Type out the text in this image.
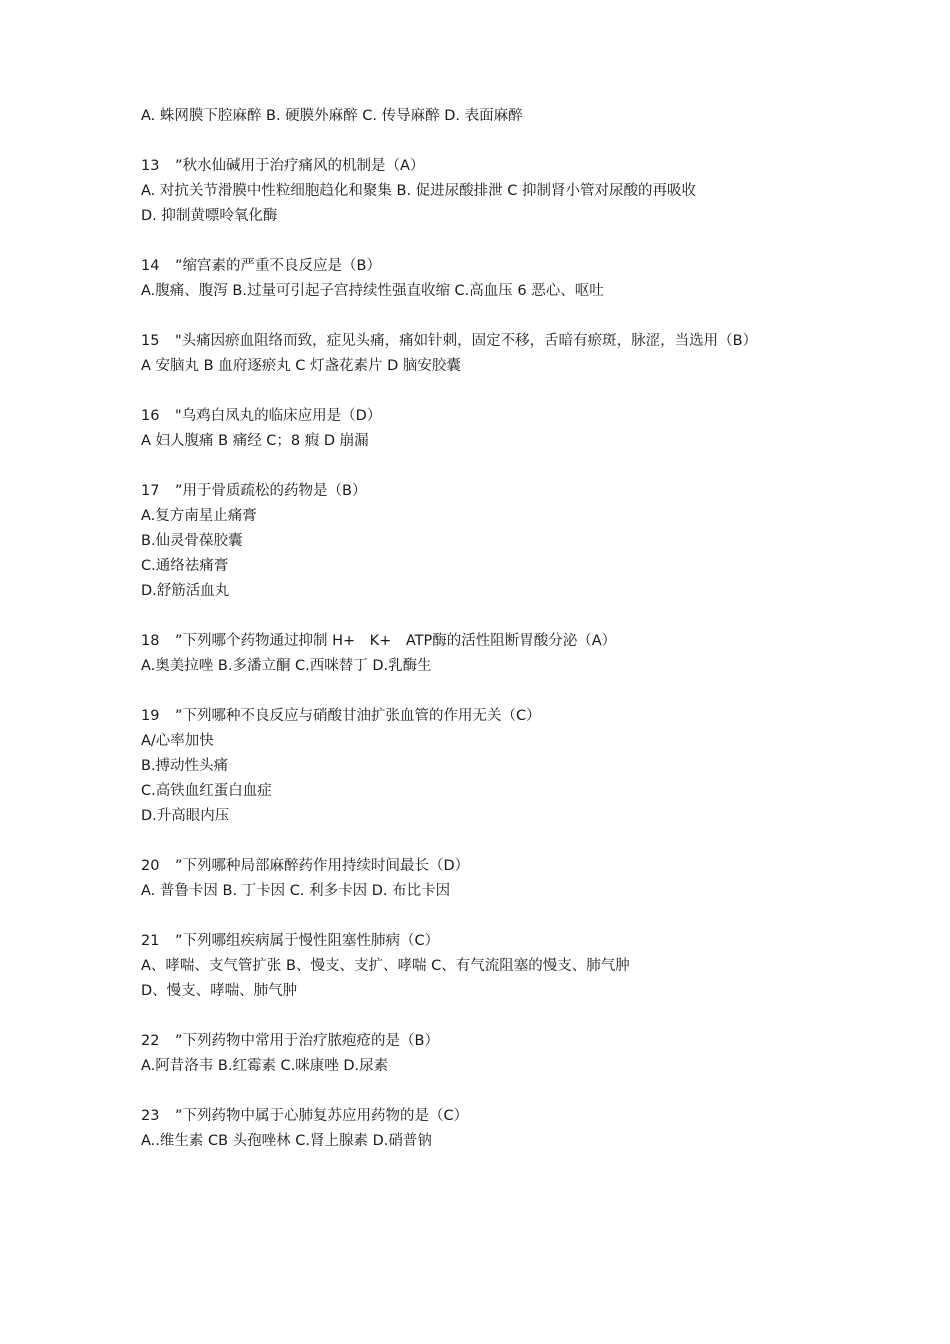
A. 蛛网膜下腔麻醉 B. 硬膜外麻醉 C. 传导麻醉 D. 表面麻醉
13 ”秋水仙碱用于治疗痛风的机制是（A）
A. 对抗关节滑膜中性粒细胞趋化和聚集 B. 促进尿酸排泄 C 抑制肾小管对尿酸的再吸收
D. 抑制黄嘌呤氧化酶
14 ”缩宫素的严重不良反应是（B）
A.腹痛、腹泻 B.过量可引起子宫持续性强直收缩 C.高血压 6 恶心、呕吐
15 "头痛因瘀血阻络而致，症见头痛，痛如针刺，固定不移，舌暗有瘀斑，脉涩，当选用（B）
A 安脑丸 B 血府逐瘀丸 C 灯盏花素片 D 脑安胶囊
16 "乌鸡白凤丸的临床应用是（D）
A 妇人腹痛 B 痛经 C；8 瘕 D 崩漏
17 ”用于骨质疏松的药物是（B）
A.复方南星止痛膏
B.仙灵骨葆胶囊
C.通络祛痛膏
D.舒筋活血丸
18 ”下列哪个药物通过抑制 H+　K+　ATP酶的活性阻断胃酸分泌（A）
A.奥美拉唑 B.多潘立酮 C.西咪替丁 D.乳酶生
19 ”下列哪种不良反应与硝酸甘油扩张血管的作用无关（C）
A/心率加快
B.搏动性头痛
C.高铁血红蛋白血症
D.升高眼内压
20 ”下列哪种局部麻醉药作用持续时间最长（D）
A. 普鲁卡因 B. 丁卡因 C. 利多卡因 D. 布比卡因
21 ”下列哪组疾病属于慢性阻塞性肺病（C）
A、哮喘、支气管扩张 B、慢支、支扩、哮喘 C、有气流阻塞的慢支、肺气肿
D、慢支、哮喘、肺气肿
22 ”下列药物中常用于治疗脓疱疮的是（B）
A.阿昔洛韦 B.红霉素 C.咪康唑 D.尿素
23 ”下列药物中属于心肺复苏应用药物的是（C）
A..维生素 CB 头孢唑林 C.肾上腺素 D.硝普钠
